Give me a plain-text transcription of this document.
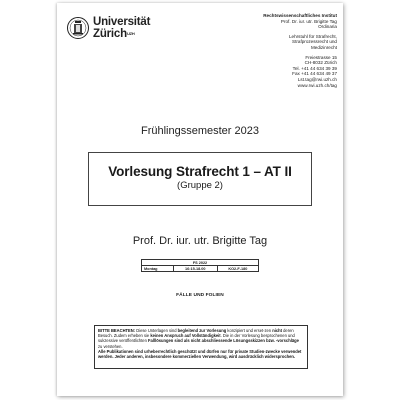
Universität
Zürich$^{UZH}$
Rechtswissenschaftliches Institut
Prof. Dr. iur. utr. Brigitte Tag
Ordinaria
Lehrstuhl für Strafrecht,
Strafprozessrecht und
Medizinrecht
Freiestrasse 15
CH-8032 Zürich
Tel. +41 44 634 39 39
Fax +41 44 634 49 37
Lst.tag@rwi.uzh.ch
www.rwi.uzh.ch/tag
Frühlingssemester 2023
Vorlesung Strafrecht 1 – AT II
(Gruppe 2)
Prof. Dr. iur. utr. Brigitte Tag
FS 2022
Montag	16:15-18.00	KO2-F-180
FÄLLE UND FOLIEN
BITTE BEACHTEN: Diese Unterlagen sind begleitend zur Vorlesung konzipiert und erset-zen nicht deren Besuch. Zudem erheben sie keinen Anspruch auf Vollständigkeit. Die in der Vorlesung besprochenen und sukzessive veröffentlichten Falllösungen sind als nicht abschliessende Lösungsskizzen bzw. -vorschläge zu verstehen.
Alle Publikationen sind urheberrechtlich geschützt und dürfen nur für private Studien-zwecke verwendet werden. Jeder anderen, insbesondere kommerziellen Verwendung, wird ausdrücklich widersprochen.
